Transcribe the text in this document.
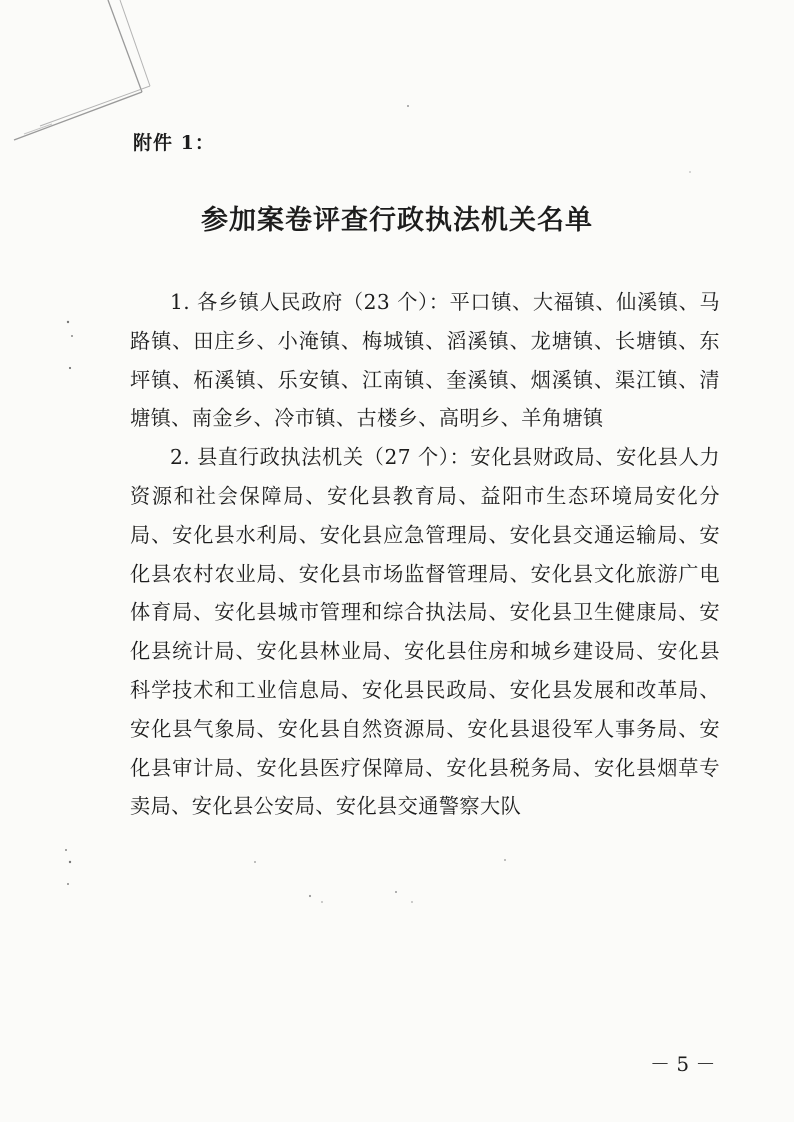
附件 1：
参加案卷评查行政执法机关名单

1. 各乡镇人民政府（23 个）：平口镇、大福镇、仙溪镇、马路镇、田庄乡、小淹镇、梅城镇、滔溪镇、龙塘镇、长塘镇、东坪镇、柘溪镇、乐安镇、江南镇、奎溪镇、烟溪镇、渠江镇、清塘镇、南金乡、冷市镇、古楼乡、高明乡、羊角塘镇

2. 县直行政执法机关（27 个）：安化县财政局、安化县人力资源和社会保障局、安化县教育局、益阳市生态环境局安化分局、安化县水利局、安化县应急管理局、安化县交通运输局、安化县农村农业局、安化县市场监督管理局、安化县文化旅游广电体育局、安化县城市管理和综合执法局、安化县卫生健康局、安化县统计局、安化县林业局、安化县住房和城乡建设局、安化县科学技术和工业信息局、安化县民政局、安化县发展和改革局、安化县气象局、安化县自然资源局、安化县退役军人事务局、安化县审计局、安化县医疗保障局、安化县税务局、安化县烟草专卖局、安化县公安局、安化县交通警察大队

－ 5 －
